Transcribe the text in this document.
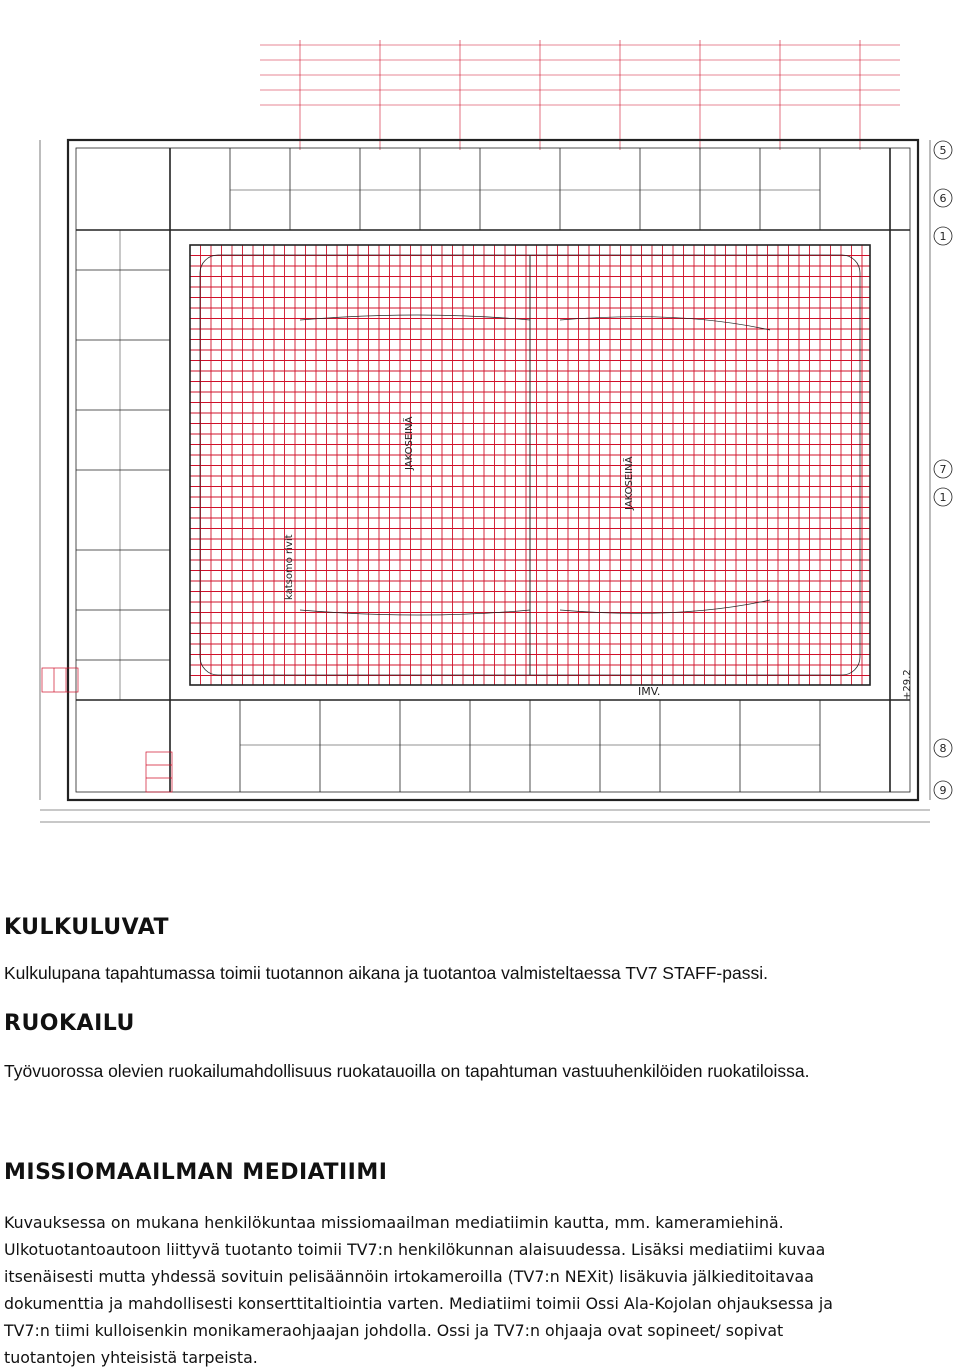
JAKOSEINÄ
JAKOSEINÄ
katsomo rivit
IMV.	+29.2
5
6
1
7
1
8
9
KULKULUVAT

Kulkulupana tapahtumassa toimii tuotannon aikana ja tuotantoa valmisteltaessa TV7 STAFF-passi.

RUOKAILU

Työvuorossa olevien ruokailumahdollisuus ruokatauoilla on tapahtuman vastuuhenkilöiden ruokatiloissa.

MISSIOMAAILMAN MEDIATIIMI

Kuvauksessa on mukana henkilökuntaa missiomaailman mediatiimin kautta, mm. kameramiehinä.

Ulkotuotantoautoon liittyvä tuotanto toimii TV7:n henkilökunnan alaisuudessa. Lisäksi mediatiimi kuvaa

itsenäisesti mutta yhdessä sovituin pelisäännöin irtokameroilla (TV7:n NEXit) lisäkuvia jälkieditoitavaa

dokumenttia ja mahdollisesti konserttitaltiointia varten. Mediatiimi toimii Ossi Ala-Kojolan ohjauksessa ja

TV7:n tiimi kulloisenkin monikameraohjaajan johdolla. Ossi ja TV7:n ohjaaja ovat sopineet/ sopivat

tuotantojen yhteisistä tarpeista.
